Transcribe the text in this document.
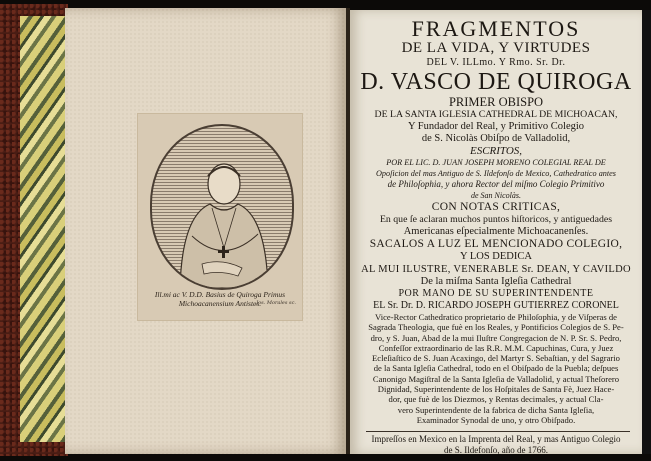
Ill.mi ac V. D.D. Basius de Quiroga Primus
Michoacanensium Antistes.
Jos. Morales sc.
FRAGMENTOS
DE LA VIDA, Y VIRTUDES
DEL V. ILLmo. Y Rmo. Sr. Dr.
D. VASCO DE QUIROGA
PRIMER OBISPO
DE LA SANTA IGLESIA CATHEDRAL DE MICHOACAN,
Y Fundador del Real, y Primitivo Colegio
de S. Nicolàs Obiſpo de Valladolid,
ESCRITOS,
POR EL LIC. D. JUAN JOSEPH MORENO COLEGIAL REAL DE
Opoſicion del mas Antiguo de S. Ildefonſo de Mexico, Cathedratico antes
de Philoſophia, y ahora Rector del miſmo Colegio Primitivo
de San Nicolàs.
CON NOTAS CRITICAS,
En que ſe aclaran muchos puntos hiſtoricos, y antiguedades
Americanas eſpecialmente Michoacanenſes.
SACALOS A LUZ EL MENCIONADO COLEGIO,
Y LOS DEDICA
AL MUI ILUSTRE, VENERABLE Sr. DEAN, Y CAVILDO
De la miſma Santa Igleſia Cathedral
POR MANO DE SU SUPERINTENDENTE
EL Sr. Dr. D. RICARDO JOSEPH GUTIERREZ CORONEL
Vice-Rector Cathedratico proprietario de Philoſophia, y de Viſperas de
Sagrada Theologia, que fuè en los Reales, y Pontificios Colegios de S. Pe-
dro, y S. Juan, Abad de la mui Iluſtre Congregacion de N. P. Sr. S. Pedro,
Confeſſor extraordinario de las R.R. M.M. Capuchinas, Cura, y Juez
Ecleſiaſtico de S. Juan Acaxingo, del Martyr S. Sebaſtian, y del Sagrario
de la Santa Igleſia Cathedral, todo en el Obiſpado de la Puebla; deſpues
Canonigo Magiſtral de la Santa Igleſia de Valladolid, y actual Theſorero
Dignidad, Superintendente de los Hoſpitales de Santa Fè, Juez Hace-
dor, que fuè de los Diezmos, y Rentas decimales, y actual Cla-
vero Superintendente de la fabrica de dicha Santa Igleſia,
Examinador Synodal de uno, y otro Obiſpado.
Impreſſos en Mexico en la Imprenta del Real, y mas Antiguo Colegio
de S. Ildefonſo, año de 1766.
